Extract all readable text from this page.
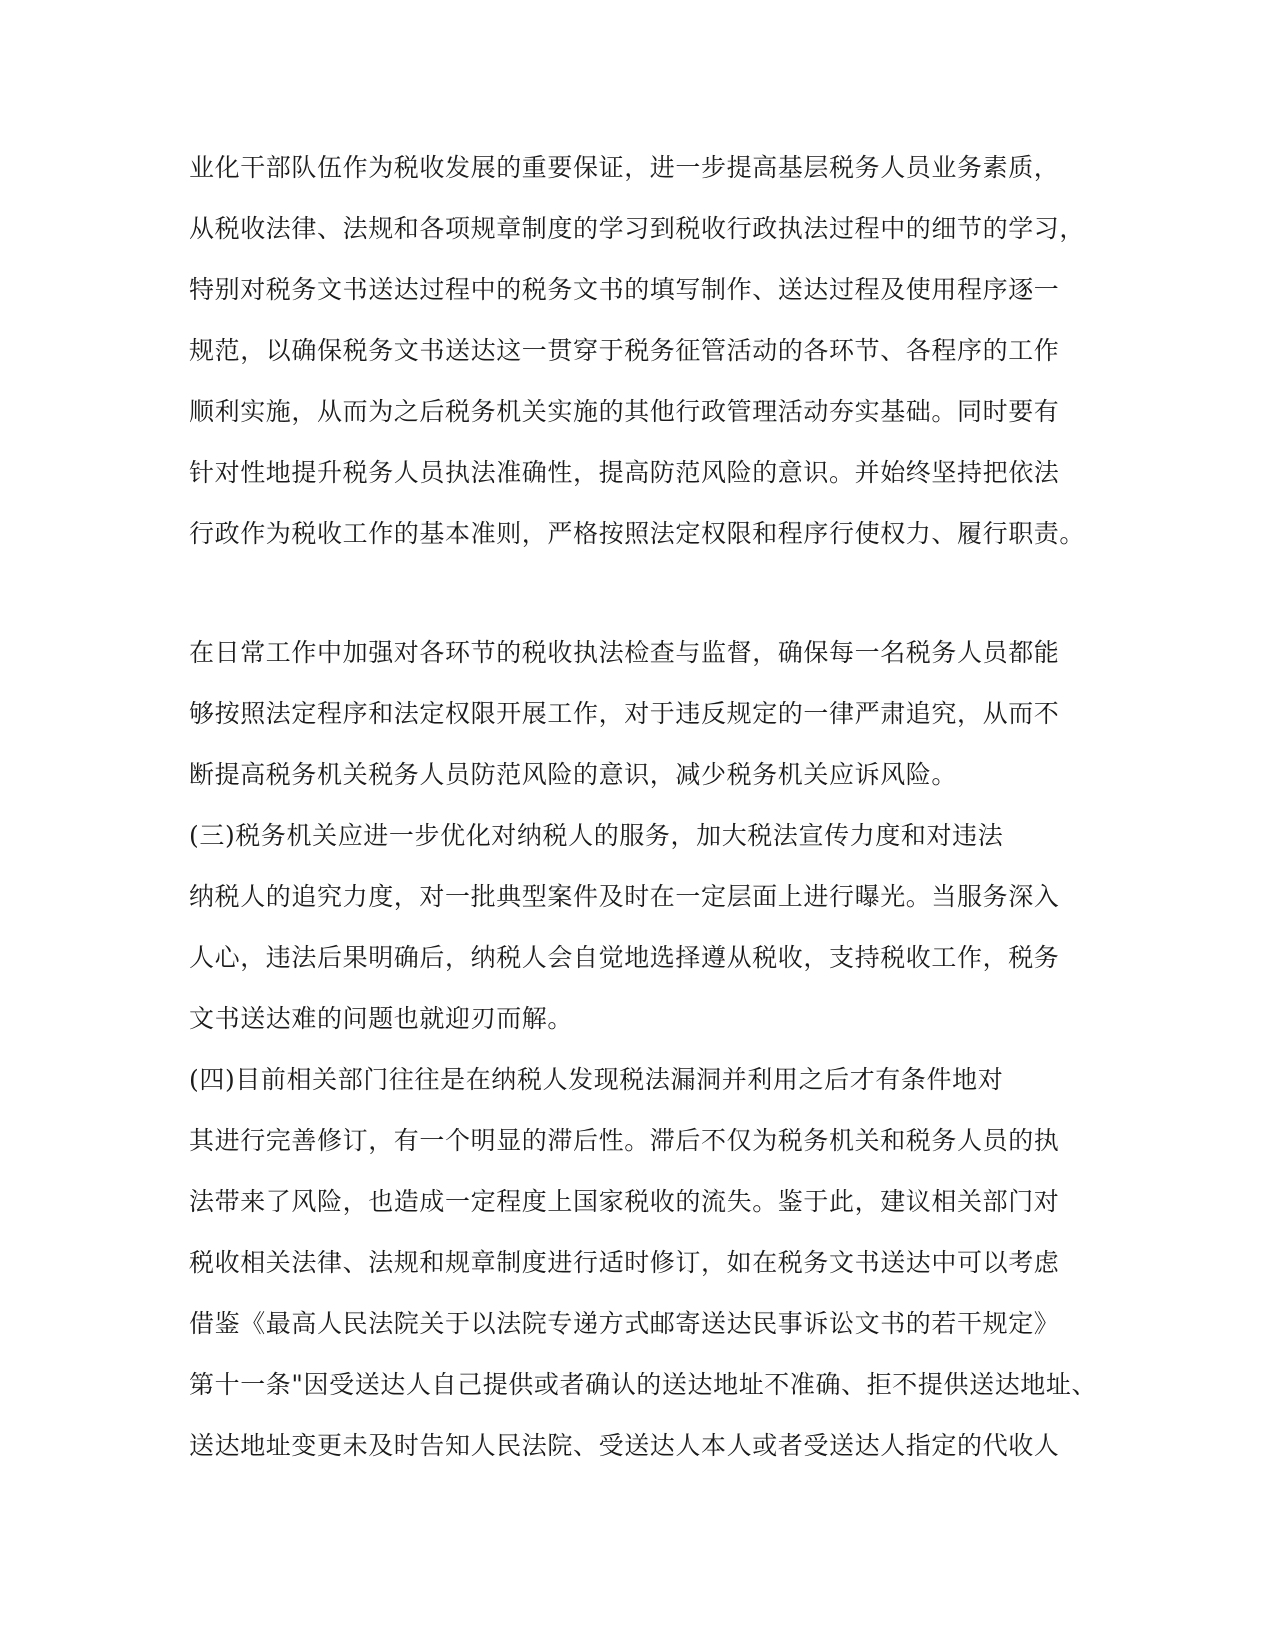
业化干部队伍作为税收发展的重要保证，进一步提高基层税务人员业务素质，
从税收法律、法规和各项规章制度的学习到税收行政执法过程中的细节的学习，
特别对税务文书送达过程中的税务文书的填写制作、送达过程及使用程序逐一
规范，以确保税务文书送达这一贯穿于税务征管活动的各环节、各程序的工作
顺利实施，从而为之后税务机关实施的其他行政管理活动夯实基础。同时要有
针对性地提升税务人员执法准确性，提高防范风险的意识。并始终坚持把依法
行政作为税收工作的基本准则，严格按照法定权限和程序行使权力、履行职责。
在日常工作中加强对各环节的税收执法检查与监督，确保每一名税务人员都能
够按照法定程序和法定权限开展工作，对于违反规定的一律严肃追究，从而不
断提高税务机关税务人员防范风险的意识，减少税务机关应诉风险。
(三)税务机关应进一步优化对纳税人的服务，加大税法宣传力度和对违法
纳税人的追究力度，对一批典型案件及时在一定层面上进行曝光。当服务深入
人心，违法后果明确后，纳税人会自觉地选择遵从税收，支持税收工作，税务
文书送达难的问题也就迎刃而解。
(四)目前相关部门往往是在纳税人发现税法漏洞并利用之后才有条件地对
其进行完善修订，有一个明显的滞后性。滞后不仅为税务机关和税务人员的执
法带来了风险，也造成一定程度上国家税收的流失。鉴于此，建议相关部门对
税收相关法律、法规和规章制度进行适时修订，如在税务文书送达中可以考虑
借鉴《最高人民法院关于以法院专递方式邮寄送达民事诉讼文书的若干规定》
第十一条"因受送达人自己提供或者确认的送达地址不准确、拒不提供送达地址、
送达地址变更未及时告知人民法院、受送达人本人或者受送达人指定的代收人
